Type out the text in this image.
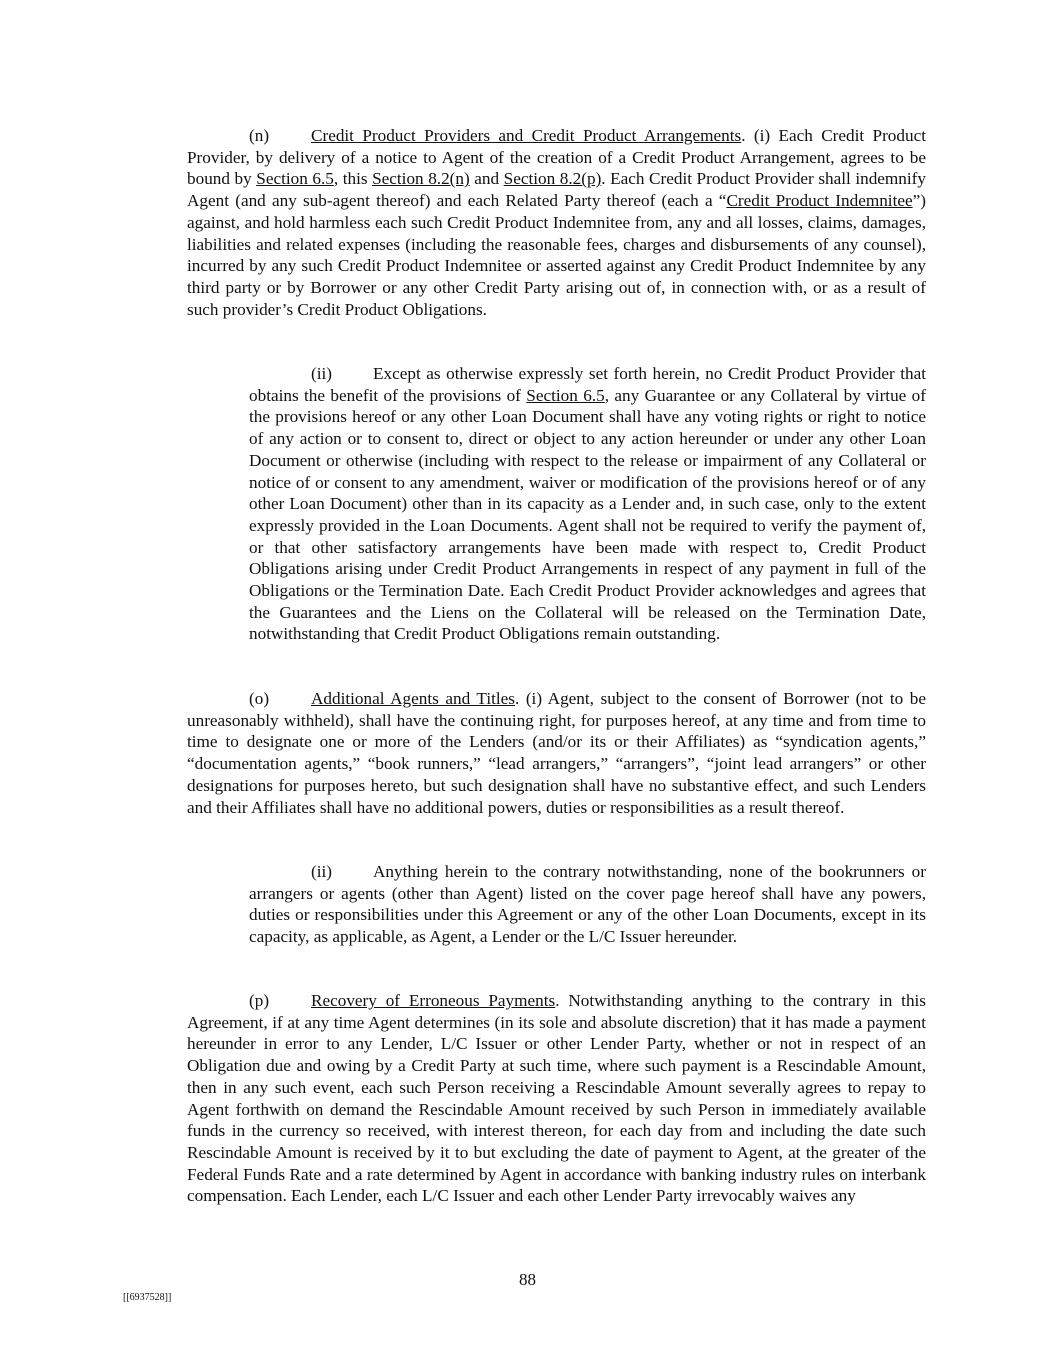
(n) Credit Product Providers and Credit Product Arrangements. (i) Each Credit Product Provider, by delivery of a notice to Agent of the creation of a Credit Product Arrangement, agrees to be bound by Section 6.5, this Section 8.2(n) and Section 8.2(p). Each Credit Product Provider shall indemnify Agent (and any sub-agent thereof) and each Related Party thereof (each a “Credit Product Indemnitee”) against, and hold harmless each such Credit Product Indemnitee from, any and all losses, claims, damages, liabilities and related expenses (including the reasonable fees, charges and disbursements of any counsel), incurred by any such Credit Product Indemnitee or asserted against any Credit Product Indemnitee by any third party or by Borrower or any other Credit Party arising out of, in connection with, or as a result of such provider’s Credit Product Obligations.

(ii) Except as otherwise expressly set forth herein, no Credit Product Provider that obtains the benefit of the provisions of Section 6.5, any Guarantee or any Collateral by virtue of the provisions hereof or any other Loan Document shall have any voting rights or right to notice of any action or to consent to, direct or object to any action hereunder or under any other Loan Document or otherwise (including with respect to the release or impairment of any Collateral or notice of or consent to any amendment, waiver or modification of the provisions hereof or of any other Loan Document) other than in its capacity as a Lender and, in such case, only to the extent expressly provided in the Loan Documents. Agent shall not be required to verify the payment of, or that other satisfactory arrangements have been made with respect to, Credit Product Obligations arising under Credit Product Arrangements in respect of any payment in full of the Obligations or the Termination Date. Each Credit Product Provider acknowledges and agrees that the Guarantees and the Liens on the Collateral will be released on the Termination Date, notwithstanding that Credit Product Obligations remain outstanding.

(o) Additional Agents and Titles. (i) Agent, subject to the consent of Borrower (not to be unreasonably withheld), shall have the continuing right, for purposes hereof, at any time and from time to time to designate one or more of the Lenders (and/or its or their Affiliates) as “syndication agents,” “documentation agents,” “book runners,” “lead arrangers,” “arrangers”, “joint lead arrangers” or other designations for purposes hereto, but such designation shall have no substantive effect, and such Lenders and their Affiliates shall have no additional powers, duties or responsibilities as a result thereof.

(ii) Anything herein to the contrary notwithstanding, none of the bookrunners or arrangers or agents (other than Agent) listed on the cover page hereof shall have any powers, duties or responsibilities under this Agreement or any of the other Loan Documents, except in its capacity, as applicable, as Agent, a Lender or the L/C Issuer hereunder.

(p) Recovery of Erroneous Payments. Notwithstanding anything to the contrary in this Agreement, if at any time Agent determines (in its sole and absolute discretion) that it has made a payment hereunder in error to any Lender, L/C Issuer or other Lender Party, whether or not in respect of an Obligation due and owing by a Credit Party at such time, where such payment is a Rescindable Amount, then in any such event, each such Person receiving a Rescindable Amount severally agrees to repay to Agent forthwith on demand the Rescindable Amount received by such Person in immediately available funds in the currency so received, with interest thereon, for each day from and including the date such Rescindable Amount is received by it to but excluding the date of payment to Agent, at the greater of the Federal Funds Rate and a rate determined by Agent in accordance with banking industry rules on interbank compensation. Each Lender, each L/C Issuer and each other Lender Party irrevocably waives any

88
[[6937528]]
